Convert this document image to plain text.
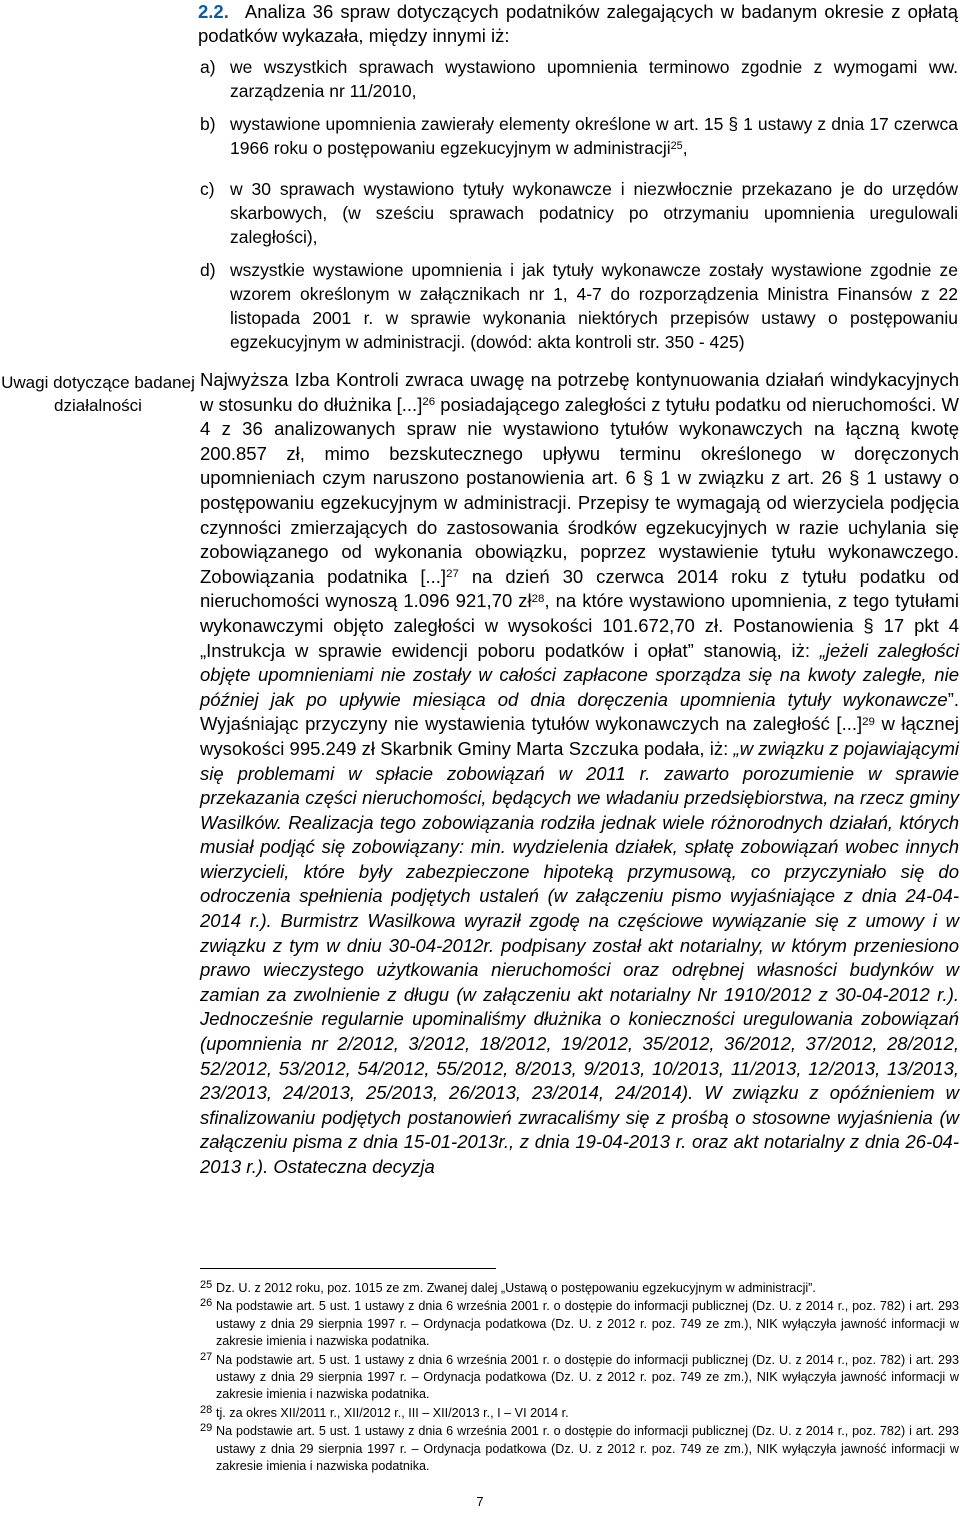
2.2. Analiza 36 spraw dotyczących podatników zalegających w badanym okresie z opłatą podatków wykazała, między innymi iż:
a) we wszystkich sprawach wystawiono upomnienia terminowo zgodnie z wymogami ww. zarządzenia nr 11/2010,
b) wystawione upomnienia zawierały elementy określone w art. 15 § 1 ustawy z dnia 17 czerwca 1966 roku o postępowaniu egzekucyjnym w administracji$^{25}$,
c) w 30 sprawach wystawiono tytuły wykonawcze i niezwłocznie przekazano je do urzędów skarbowych, (w sześciu sprawach podatnicy po otrzymaniu upomnienia uregulowali zaległości),
d) wszystkie wystawione upomnienia i jak tytuły wykonawcze zostały wystawione zgodnie ze wzorem określonym w załącznikach nr 1, 4-7 do rozporządzenia Ministra Finansów z 22 listopada 2001 r. w sprawie wykonania niektórych przepisów ustawy o postępowaniu egzekucyjnym w administracji. (dowód: akta kontroli str. 350 - 425)
Uwagi dotyczące badanej działalności
Najwyższa Izba Kontroli zwraca uwagę na potrzebę kontynuowania działań windykacyjnych w stosunku do dłużnika [...]$^{26}$ posiadającego zaległości z tytułu podatku od nieruchomości. W 4 z 36 analizowanych spraw nie wystawiono tytułów wykonawczych na łączną kwotę 200.857 zł, mimo bezskutecznego upływu terminu określonego w doręczonych upomnieniach czym naruszono postanowienia art. 6 § 1 w związku z art. 26 § 1 ustawy o postępowaniu egzekucyjnym w administracji. Przepisy te wymagają od wierzyciela podjęcia czynności zmierzających do zastosowania środków egzekucyjnych w razie uchylania się zobowiązanego od wykonania obowiązku, poprzez wystawienie tytułu wykonawczego. Zobowiązania podatnika [...]$^{27}$ na dzień 30 czerwca 2014 roku z tytułu podatku od nieruchomości wynoszą 1.096 921,70 $zł^{28}$, na które wystawiono upomnienia, z tego tytułami wykonawczymi objęto zaległości w wysokości 101.672,70 zł. Postanowienia § 17 pkt 4 „Instrukcja w sprawie ewidencji poboru podatków i opłat” stanowią, iż: „jeżeli zaległości objęte upomnieniami nie zostały w całości zapłacone sporządza się na kwoty zaległe, nie później jak po upływie miesiąca od dnia doręczenia upomnienia tytuły wykonawcze”. Wyjaśniając przyczyny nie wystawienia tytułów wykonawczych na zaległość [...]$^{29}$ w łącznej wysokości 995.249 zł Skarbnik Gminy Marta Szczuka podała, iż: „w związku z pojawiającymi się problemami w spłacie zobowiązań w 2011 r. zawarto porozumienie w sprawie przekazania części nieruchomości, będących we władaniu przedsiębiorstwa, na rzecz gminy Wasilków. Realizacja tego zobowiązania rodziła jednak wiele różnorodnych działań, których musiał podjąć się zobowiązany: min. wydzielenia działek, spłatę zobowiązań wobec innych wierzycieli, które były zabezpieczone hipoteką przymusową, co przyczyniało się do odroczenia spełnienia podjętych ustaleń (w załączeniu pismo wyjaśniające z dnia 24-04-2014 r.). Burmistrz Wasilkowa wyraził zgodę na częściowe wywiązanie się z umowy i w związku z tym w dniu 30-04-2012r. podpisany został akt notarialny, w którym przeniesiono prawo wieczystego użytkowania nieruchomości oraz odrębnej własności budynków w zamian za zwolnienie z długu (w załączeniu akt notarialny Nr 1910/2012 z 30-04-2012 r.). Jednocześnie regularnie upominaliśmy dłużnika o konieczności uregulowania zobowiązań (upomnienia nr 2/2012, 3/2012, 18/2012, 19/2012, 35/2012, 36/2012, 37/2012, 28/2012, 52/2012, 53/2012, 54/2012, 55/2012, 8/2013, 9/2013, 10/2013, 11/2013, 12/2013, 13/2013, 23/2013, 24/2013, 25/2013, 26/2013, 23/2014, 24/2014). W związku z opóźnieniem w sfinalizowaniu podjętych postanowień zwracaliśmy się z prośbą o stosowne wyjaśnienia (w załączeniu pisma z dnia 15-01-2013r., z dnia 19-04-2013 r. oraz akt notarialny z dnia 26-04-2013 r.). Ostateczna decyzja
25 Dz. U. z 2012 roku, poz. 1015 ze zm. Zwanej dalej „Ustawą o postępowaniu egzekucyjnym w administracji”.
26 Na podstawie art. 5 ust. 1 ustawy z dnia 6 września 2001 r. o dostępie do informacji publicznej (Dz. U. z 2014 r., poz. 782) i art. 293 ustawy z dnia 29 sierpnia 1997 r. – Ordynacja podatkowa (Dz. U. z 2012 r. poz. 749 ze zm.), NIK wyłączyła jawność informacji w zakresie imienia i nazwiska podatnika.
27 Na podstawie art. 5 ust. 1 ustawy z dnia 6 września 2001 r. o dostępie do informacji publicznej (Dz. U. z 2014 r., poz. 782) i art. 293 ustawy z dnia 29 sierpnia 1997 r. – Ordynacja podatkowa (Dz. U. z 2012 r. poz. 749 ze zm.), NIK wyłączyła jawność informacji w zakresie imienia i nazwiska podatnika.
28 tj. za okres XII/2011 r., XII/2012 r., III – XII/2013 r., I – VI 2014 r.
29 Na podstawie art. 5 ust. 1 ustawy z dnia 6 września 2001 r. o dostępie do informacji publicznej (Dz. U. z 2014 r., poz. 782) i art. 293 ustawy z dnia 29 sierpnia 1997 r. – Ordynacja podatkowa (Dz. U. z 2012 r. poz. 749 ze zm.), NIK wyłączyła jawność informacji w zakresie imienia i nazwiska podatnika.
7
